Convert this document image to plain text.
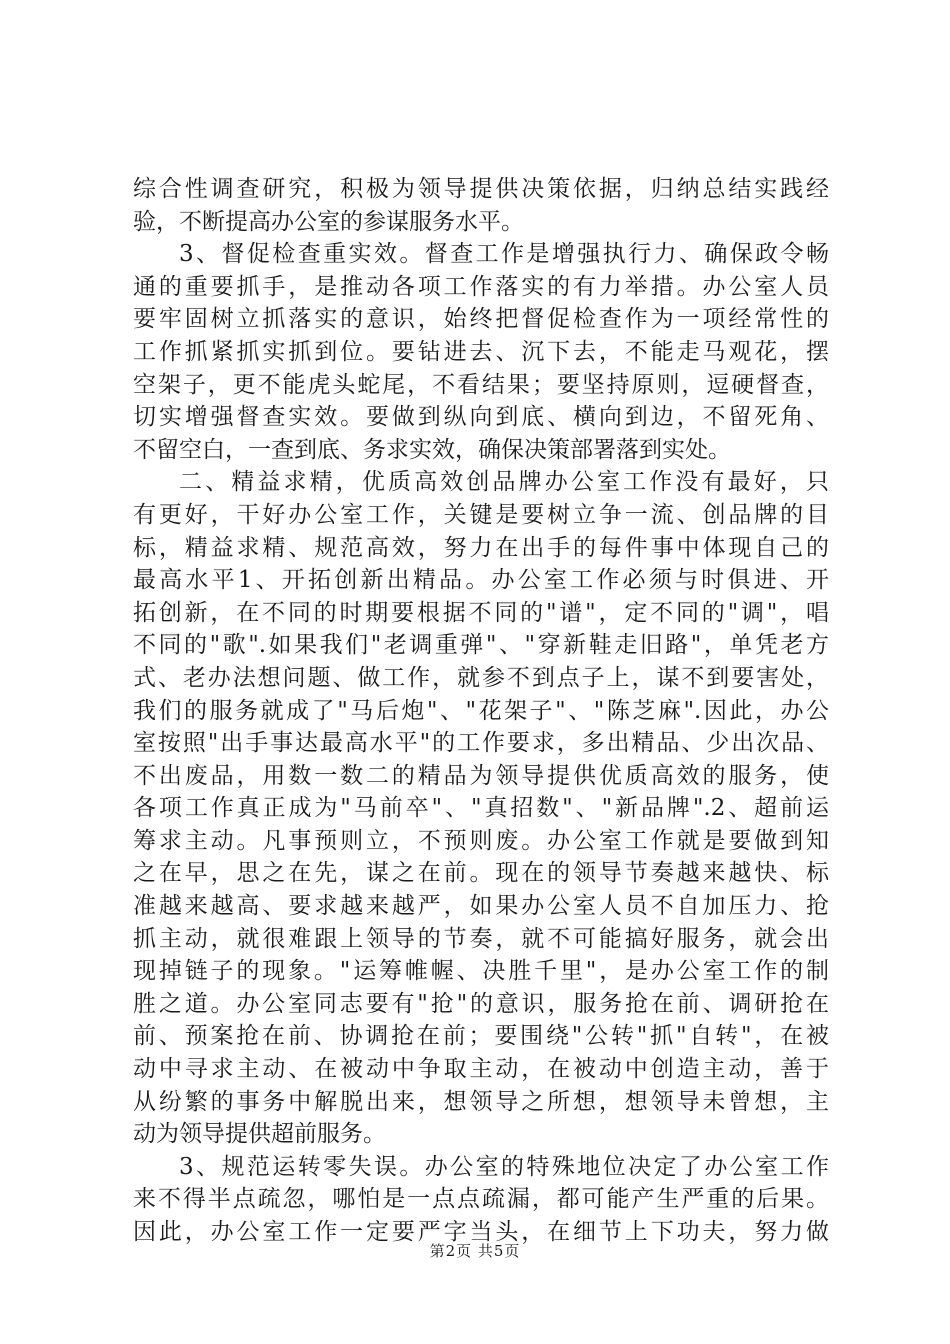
综合性调查研究，积极为领导提供决策依据，归纳总结实践经
验，不断提高办公室的参谋服务水平。
3、督促检查重实效。督查工作是增强执行力、确保政令畅
通的重要抓手，是推动各项工作落实的有力举措。办公室人员
要牢固树立抓落实的意识，始终把督促检查作为一项经常性的
工作抓紧抓实抓到位。要钻进去、沉下去，不能走马观花，摆
空架子，更不能虎头蛇尾，不看结果；要坚持原则，逗硬督查，
切实增强督查实效。要做到纵向到底、横向到边，不留死角、
不留空白，一查到底、务求实效，确保决策部署落到实处。
二、精益求精，优质高效创品牌办公室工作没有最好，只
有更好，干好办公室工作，关键是要树立争一流、创品牌的目
标，精益求精、规范高效，努力在出手的每件事中体现自己的
最高水平1、开拓创新出精品。办公室工作必须与时俱进、开
拓创新，在不同的时期要根据不同的"谱"，定不同的"调"，唱
不同的"歌".如果我们"老调重弹"、"穿新鞋走旧路"，单凭老方
式、老办法想问题、做工作，就参不到点子上，谋不到要害处，
我们的服务就成了"马后炮"、"花架子"、"陈芝麻".因此，办公
室按照"出手事达最高水平"的工作要求，多出精品、少出次品、
不出废品，用数一数二的精品为领导提供优质高效的服务，使
各项工作真正成为"马前卒"、"真招数"、"新品牌".2、超前运
筹求主动。凡事预则立，不预则废。办公室工作就是要做到知
之在早，思之在先，谋之在前。现在的领导节奏越来越快、标
准越来越高、要求越来越严，如果办公室人员不自加压力、抢
抓主动，就很难跟上领导的节奏，就不可能搞好服务，就会出
现掉链子的现象。"运筹帷幄、决胜千里"，是办公室工作的制
胜之道。办公室同志要有"抢"的意识，服务抢在前、调研抢在
前、预案抢在前、协调抢在前；要围绕"公转"抓"自转"，在被
动中寻求主动、在被动中争取主动，在被动中创造主动，善于
从纷繁的事务中解脱出来，想领导之所想，想领导未曾想，主
动为领导提供超前服务。
3、规范运转零失误。办公室的特殊地位决定了办公室工作
来不得半点疏忽，哪怕是一点点疏漏，都可能产生严重的后果。
因此，办公室工作一定要严字当头，在细节上下功夫，努力做
第2页 共5页
